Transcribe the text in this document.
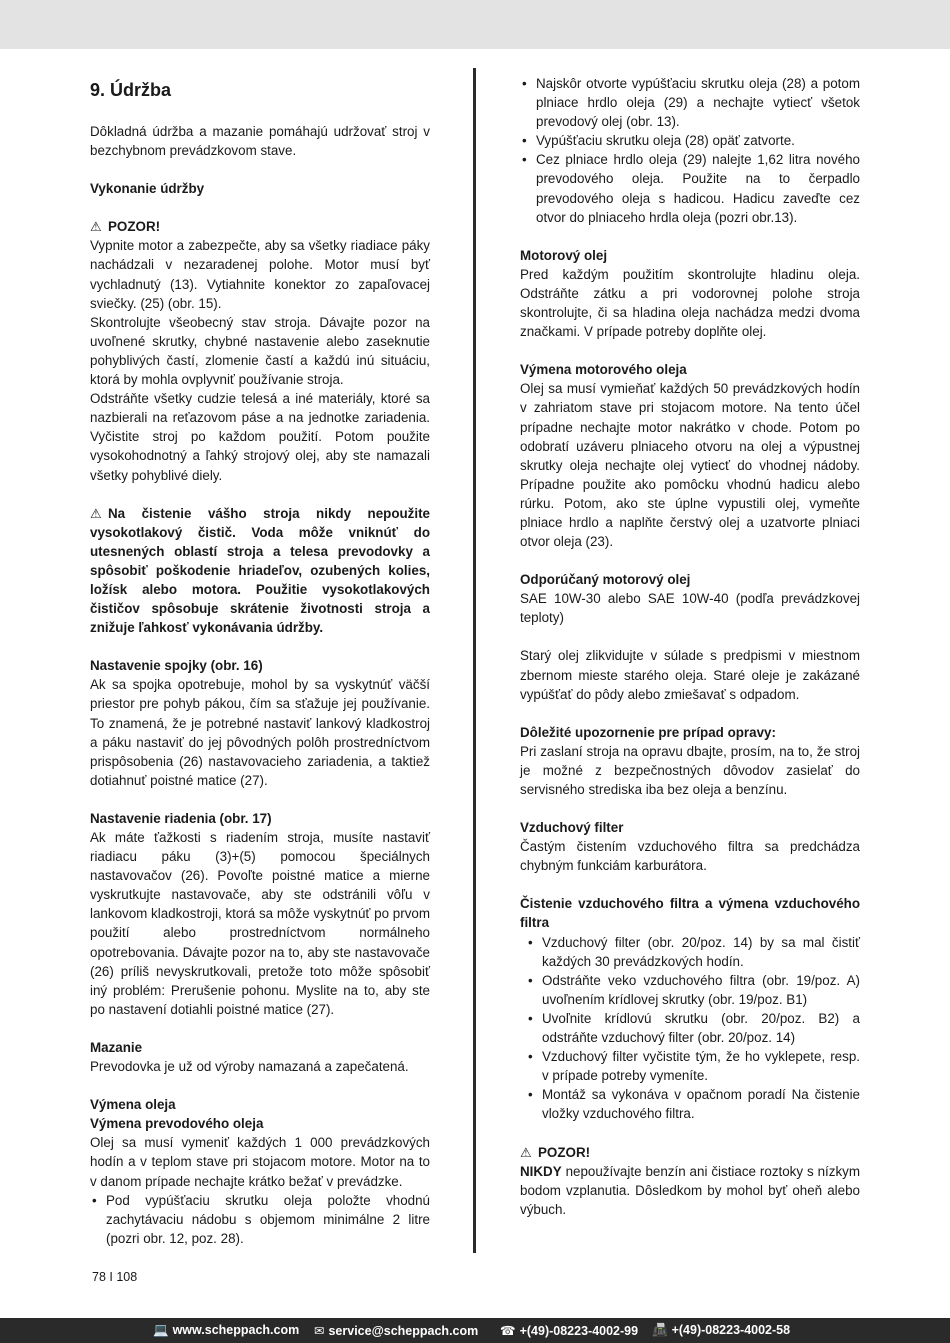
9. Údržba

Dôkladná údržba a mazanie pomáhajú udržovať stroj v bezchybnom prevádzkovom stave.

Vykonanie údržby

⚠ POZOR!

Vypnite motor a zabezpečte, aby sa všetky riadiace páky nachádzali v nezaradenej polohe. Motor musí byť vychladnutý (13). Vytiahnite konektor zo zapaľovacej sviečky. (25) (obr. 15).

Skontrolujte všeobecný stav stroja. Dávajte pozor na uvoľnené skrutky, chybné nastavenie alebo zaseknutie pohyblivých častí, zlomenie častí a každú inú situáciu, ktorá by mohla ovplyvniť používanie stroja.

Odstráňte všetky cudzie telesá a iné materiály, ktoré sa nazbierali na reťazovom páse a na jednotke zariadenia. Vyčistite stroj po každom použití. Potom použite vysokohodnotný a ľahký strojový olej, aby ste namazali všetky pohyblivé diely.

⚠ Na čistenie vášho stroja nikdy nepoužite vysokotlakový čistič. Voda môže vniknúť do utesnených oblastí stroja a telesa prevodovky a spôsobiť poškodenie hriadeľov, ozubených kolies, ložísk alebo motora. Použitie vysokotlakových čističov spôsobuje skrátenie životnosti stroja a znižuje ľahkosť vykonávania údržby.

Nastavenie spojky (obr. 16)

Ak sa spojka opotrebuje, mohol by sa vyskytnúť väčší priestor pre pohyb pákou, čím sa sťažuje jej používanie. To znamená, že je potrebné nastaviť lankový kladkostroj a páku nastaviť do jej pôvodných polôh prostredníctvom prispôsobenia (26) nastavovacieho zariadenia, a taktiež dotiahnuť poistné matice (27).

Nastavenie riadenia (obr. 17)

Ak máte ťažkosti s riadením stroja, musíte nastaviť riadiacu páku (3)+(5) pomocou špeciálnych nastavovačov (26). Povoľte poistné matice a mierne vyskrutkujte nastavovače, aby ste odstránili vôľu v lankovom kladkostroji, ktorá sa môže vyskytnúť po prvom použití alebo prostredníctvom normálneho opotrebovania. Dávajte pozor na to, aby ste nastavovače (26) príliš nevyskrutkovali, pretože toto môže spôsobiť iný problém: Prerušenie pohonu. Myslite na to, aby ste po nastavení dotiahli poistné matice (27).

Mazanie

Prevodovka je už od výroby namazaná a zapečatená.

Výmena oleja

Výmena prevodového oleja

Olej sa musí vymeniť každých 1 000 prevádzkových hodín a v teplom stave pri stojacom motore. Motor na to v danom prípade nechajte krátko bežať v prevádzke.

• Pod vypúšťaciu skrutku oleja položte vhodnú zachytávaciu nádobu s objemom minimálne 2 litre (pozri obr. 12, poz. 28).
• Najskôr otvorte vypúšťaciu skrutku oleja (28) a potom plniace hrdlo oleja (29) a nechajte vytiecť všetok prevodový olej (obr. 13).
• Vypúšťaciu skrutku oleja (28) opäť zatvorte.
• Cez plniace hrdlo oleja (29) nalejte 1,62 litra nového prevodového oleja. Použite na to čerpadlo prevodového oleja s hadicou. Hadicu zaveďte cez otvor do plniaceho hrdla oleja (pozri obr.13).

Motorový olej

Pred každým použitím skontrolujte hladinu oleja. Odstráňte zátku a pri vodorovnej polohe stroja skontrolujte, či sa hladina oleja nachádza medzi dvoma značkami. V prípade potreby doplňte olej.

Výmena motorového oleja

Olej sa musí vymieňať každých 50 prevádzkových hodín v zahriatom stave pri stojacom motore. Na tento účel prípadne nechajte motor nakrátko v chode. Potom po odobratí uzáveru plniaceho otvoru na olej a výpustnej skrutky oleja nechajte olej vytiecť do vhodnej nádoby. Prípadne použite ako pomôcku vhodnú hadicu alebo rúrku. Potom, ako ste úplne vypustili olej, vymeňte plniace hrdlo a naplňte čerstvý olej a uzatvorte plniaci otvor oleja (23).

Odporúčaný motorový olej

SAE 10W-30 alebo SAE 10W-40 (podľa prevádzkovej teploty)

Starý olej zlikvidujte v súlade s predpismi v miestnom zbernom mieste starého oleja. Staré oleje je zakázané vypúšťať do pôdy alebo zmiešavať s odpadom.

Dôležité upozornenie pre prípad opravy:

Pri zaslaní stroja na opravu dbajte, prosím, na to, že stroj je možné z bezpečnostných dôvodov zasielať do servisného strediska iba bez oleja a benzínu.

Vzduchový filter

Častým čistením vzduchového filtra sa predchádza chybným funkciám karburátora.

Čistenie vzduchového filtra a výmena vzduchového filtra

• Vzduchový filter (obr. 20/poz. 14) by sa mal čistiť každých 30 prevádzkových hodín.
• Odstráňte veko vzduchového filtra (obr. 19/poz. A) uvoľnením krídlovej skrutky (obr. 19/poz. B1)
• Uvoľnite krídlovú skrutku (obr. 20/poz. B2) a odstráňte vzduchový filter (obr. 20/poz. 14)
• Vzduchový filter vyčistite tým, že ho vyklepete, resp. v prípade potreby vymeníte.
• Montáž sa vykonáva v opačnom poradí Na čistenie vložky vzduchového filtra.

⚠ POZOR!

NIKDY nepoužívajte benzín ani čistiace roztoky s nízkym bodom vzplanutia. Dôsledkom by mohol byť oheň alebo výbuch.

78 I 108
💻 www.scheppach.com ✉ service@scheppach.com ☎ +(49)-08223-4002-99 📠 +(49)-08223-4002-58
